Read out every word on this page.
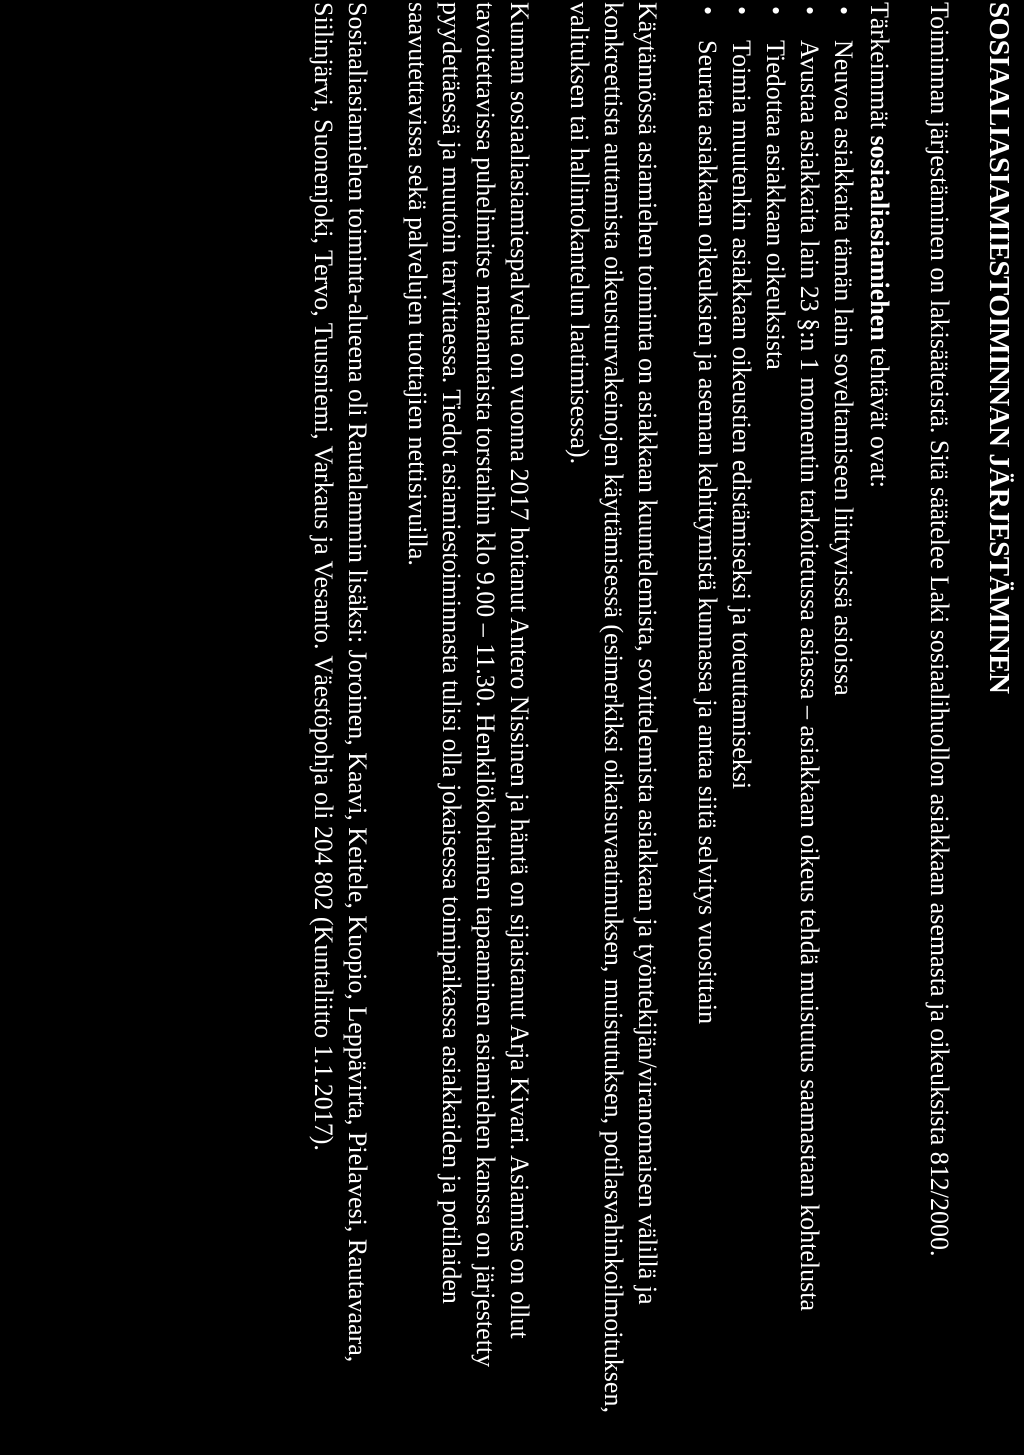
SOSIAALIASIAMIESTOIMINNAN JÄRJESTÄMINEN

Toiminnan järjestäminen on lakisääteistä. Sitä säätelee Laki sosiaalihuollon asiakkaan asemasta ja oikeuksista 812/2000.

Tärkeimmät sosiaaliasiamiehen tehtävät ovat:
•
Neuvoa asiakkaita tämän lain soveltamiseen liittyvissä asioissa
•
Avustaa asiakkaita lain 23 §:n 1 momentin tarkoitetussa asiassa – asiakkaan oikeus tehdä muistutus saamastaan kohtelusta
•
Tiedottaa asiakkaan oikeuksista
•
Toimia muutenkin asiakkaan oikeustien edistämiseksi ja toteuttamiseksi
•
Seurata asiakkaan oikeuksien ja aseman kehittymistä kunnassa ja antaa siitä selvitys vuosittain

Käytännössä asiamiehen toiminta on asiakkaan kuuntelemista, sovittelemista asiakkaan ja työntekijän/viranomaisen välillä ja konkreettista auttamista oikeusturvakeinojen käyttämisessä (esimerkiksi oikaisuvaatimuksen, muistutuksen, potilasvahinkoilmoituksen, valituksen tai hallintokantelun laatimisessa).

Kunnan sosiaaliasiamiespalvelua on vuonna 2017 hoitanut Antero Nissinen ja häntä on sijaistanut Arja Kivari. Asiamies on ollut tavoitettavissa puhelimitse maanantaista torstaihin klo 9.00 – 11.30. Henkilökohtainen tapaaminen asiamiehen kanssa on järjestetty pyydettäessä ja muutoin tarvittaessa. Tiedot asiamiestoiminnasta tulisi olla jokaisessa toimipaikassa asiakkaiden ja potilaiden saavutettavissa sekä palvelujen tuottajien nettisivuilla.

Sosiaaliasiamiehen toiminta-alueena oli Rautalammin lisäksi: Joroinen, Kaavi, Keitele, Kuopio, Leppävirta, Pielavesi, Rautavaara, Siilinjärvi, Suonenjoki, Tervo, Tuusniemi, Varkaus ja Vesanto. Väestöpohja oli 204 802 (Kuntaliitto 1.1.2017).
